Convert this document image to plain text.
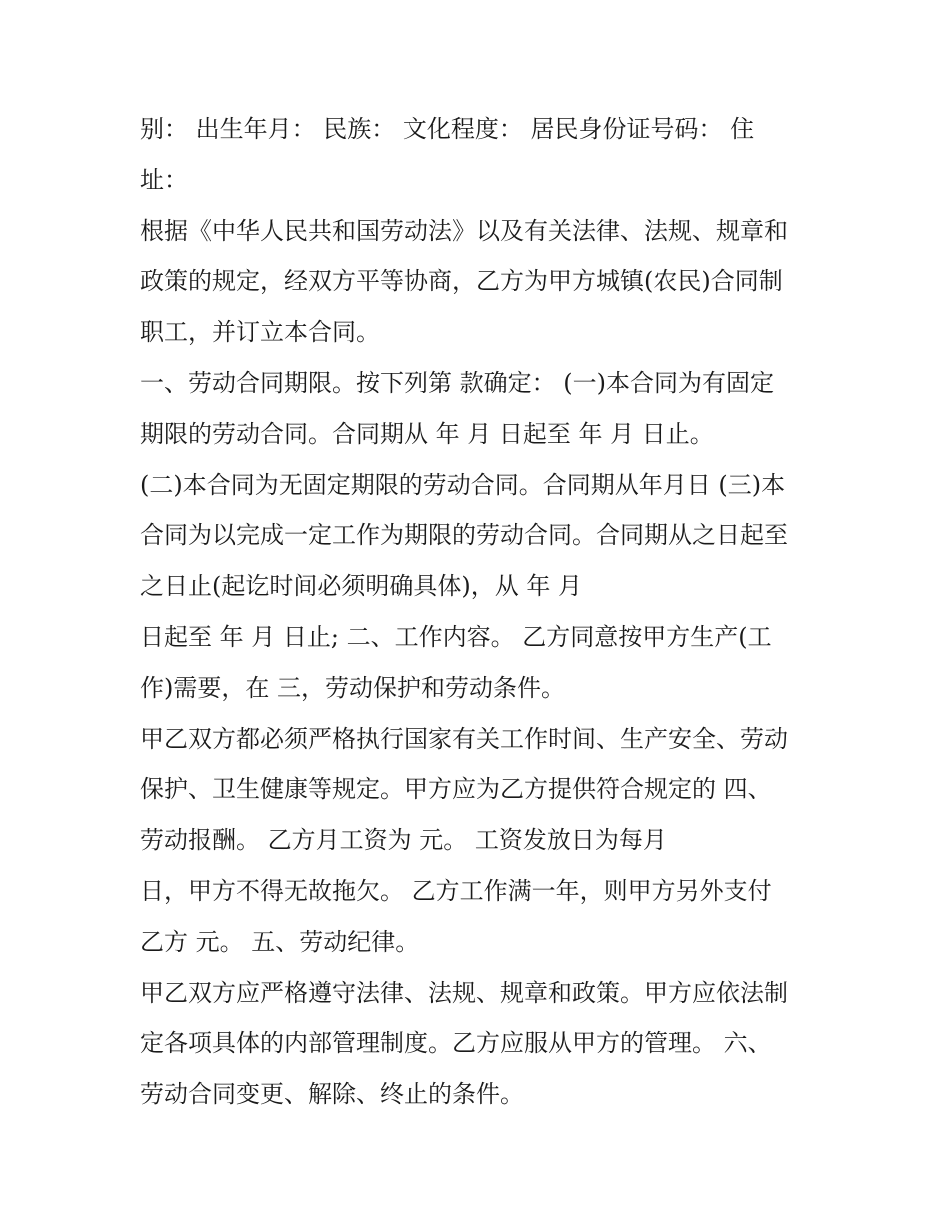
别： 出生年月： 民族： 文化程度： 居民身份证号码： 住

址：

根据《中华人民共和国劳动法》以及有关法律、法规、规章和

政策的规定，经双方平等协商，乙方为甲方城镇(农民)合同制

职工，并订立本合同。

一、劳动合同期限。按下列第 款确定： (一)本合同为有固定

期限的劳动合同。合同期从 年 月 日起至 年 月 日止。

(二)本合同为无固定期限的劳动合同。合同期从年月日 (三)本

合同为以完成一定工作为期限的劳动合同。合同期从之日起至

之日止(起讫时间必须明确具体)，从 年 月

日起至 年 月 日止; 二、工作内容。 乙方同意按甲方生产(工

作)需要，在 三，劳动保护和劳动条件。

甲乙双方都必须严格执行国家有关工作时间、生产安全、劳动

保护、卫生健康等规定。甲方应为乙方提供符合规定的 四、

劳动报酬。 乙方月工资为 元。 工资发放日为每月

日，甲方不得无故拖欠。 乙方工作满一年，则甲方另外支付

乙方 元。 五、劳动纪律。

甲乙双方应严格遵守法律、法规、规章和政策。甲方应依法制

定各项具体的内部管理制度。乙方应服从甲方的管理。 六、

劳动合同变更、解除、终止的条件。
